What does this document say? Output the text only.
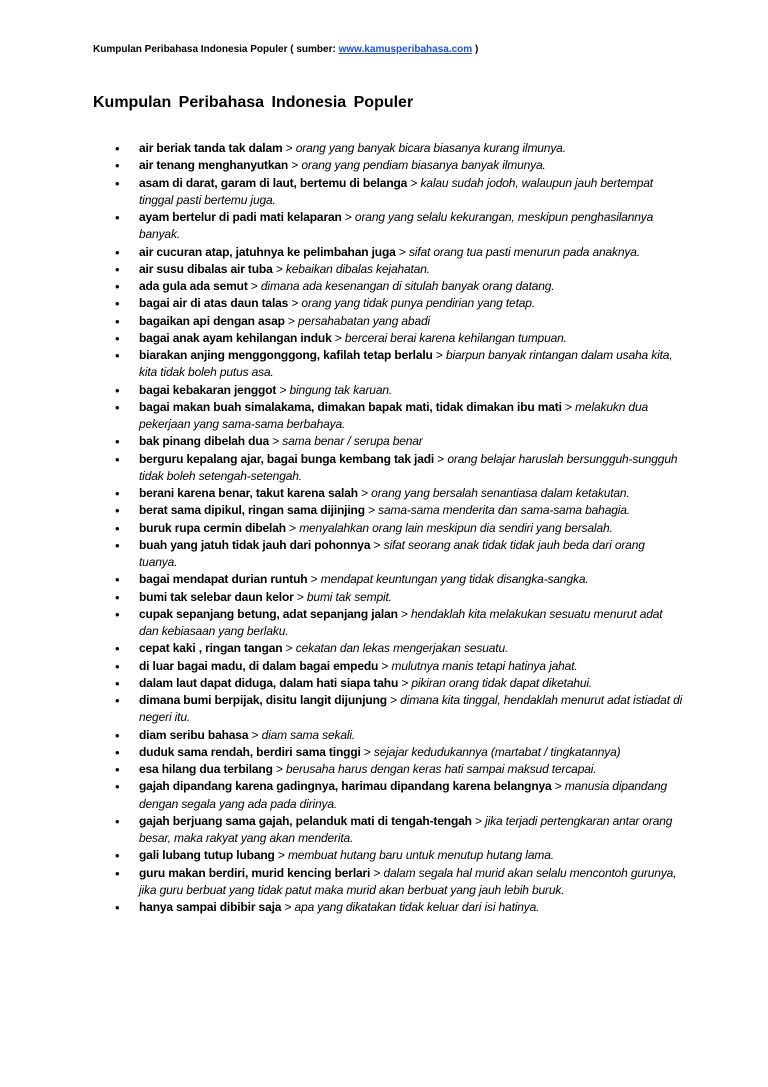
Kumpulan Peribahasa Indonesia Populer ( sumber: www.kamusperibahasa.com )
Kumpulan Peribahasa Indonesia Populer
• air beriak tanda tak dalam > orang yang banyak bicara biasanya kurang ilmunya.
• air tenang menghanyutkan > orang yang pendiam biasanya banyak ilmunya.
• asam di darat, garam di laut, bertemu di belanga > kalau sudah jodoh, walaupun jauh bertempat tinggal pasti bertemu juga.
• ayam bertelur di padi mati kelaparan > orang yang selalu kekurangan, meskipun penghasilannya banyak.
• air cucuran atap, jatuhnya ke pelimbahan juga > sifat orang tua pasti menurun pada anaknya.
• air susu dibalas air tuba > kebaikan dibalas kejahatan.
• ada gula ada semut > dimana ada kesenangan di situlah banyak orang datang.
• bagai air di atas daun talas > orang yang tidak punya pendirian yang tetap.
• bagaikan api dengan asap > persahabatan yang abadi
• bagai anak ayam kehilangan induk > bercerai berai karena kehilangan tumpuan.
• biarakan anjing menggonggong, kafilah tetap berlalu > biarpun banyak rintangan dalam usaha kita, kita tidak boleh putus asa.
• bagai kebakaran jenggot > bingung tak karuan.
• bagai makan buah simalakama, dimakan bapak mati, tidak dimakan ibu mati > melakukn dua pekerjaan yang sama-sama berbahaya.
• bak pinang dibelah dua > sama benar / serupa benar
• berguru kepalang ajar, bagai bunga kembang tak jadi > orang belajar haruslah bersungguh-sungguh tidak boleh setengah-setengah.
• berani karena benar, takut karena salah > orang yang bersalah senantiasa dalam ketakutan.
• berat sama dipikul, ringan sama dijinjing > sama-sama menderita dan sama-sama bahagia.
• buruk rupa cermin dibelah > menyalahkan orang lain meskipun dia sendiri yang bersalah.
• buah yang jatuh tidak jauh dari pohonnya > sifat seorang anak tidak tidak jauh beda dari orang tuanya.
• bagai mendapat durian runtuh > mendapat keuntungan yang tidak disangka-sangka.
• bumi tak selebar daun kelor > bumi tak sempit.
• cupak sepanjang betung, adat sepanjang jalan > hendaklah kita melakukan sesuatu menurut adat dan kebiasaan yang berlaku.
• cepat kaki , ringan tangan > cekatan dan lekas mengerjakan sesuatu.
• di luar bagai madu, di dalam bagai empedu > mulutnya manis tetapi hatinya jahat.
• dalam laut dapat diduga, dalam hati siapa tahu > pikiran orang tidak dapat diketahui.
• dimana bumi berpijak, disitu langit dijunjung > dimana kita tinggal, hendaklah menurut adat istiadat di negeri itu.
• diam seribu bahasa > diam sama sekali.
• duduk sama rendah, berdiri sama tinggi > sejajar kedudukannya (martabat / tingkatannya)
• esa hilang dua terbilang > berusaha harus dengan keras hati sampai maksud tercapai.
• gajah dipandang karena gadingnya, harimau dipandang karena belangnya > manusia dipandang dengan segala yang ada pada dirinya.
• gajah berjuang sama gajah, pelanduk mati di tengah-tengah > jika terjadi pertengkaran antar orang besar, maka rakyat yang akan menderita.
• gali lubang tutup lubang > membuat hutang baru untuk menutup hutang lama.
• guru makan berdiri, murid kencing berlari > dalam segala hal murid akan selalu mencontoh gurunya, jika guru berbuat yang tidak patut maka murid akan berbuat yang jauh lebih buruk.
• hanya sampai dibibir saja > apa yang dikatakan tidak keluar dari isi hatinya.
